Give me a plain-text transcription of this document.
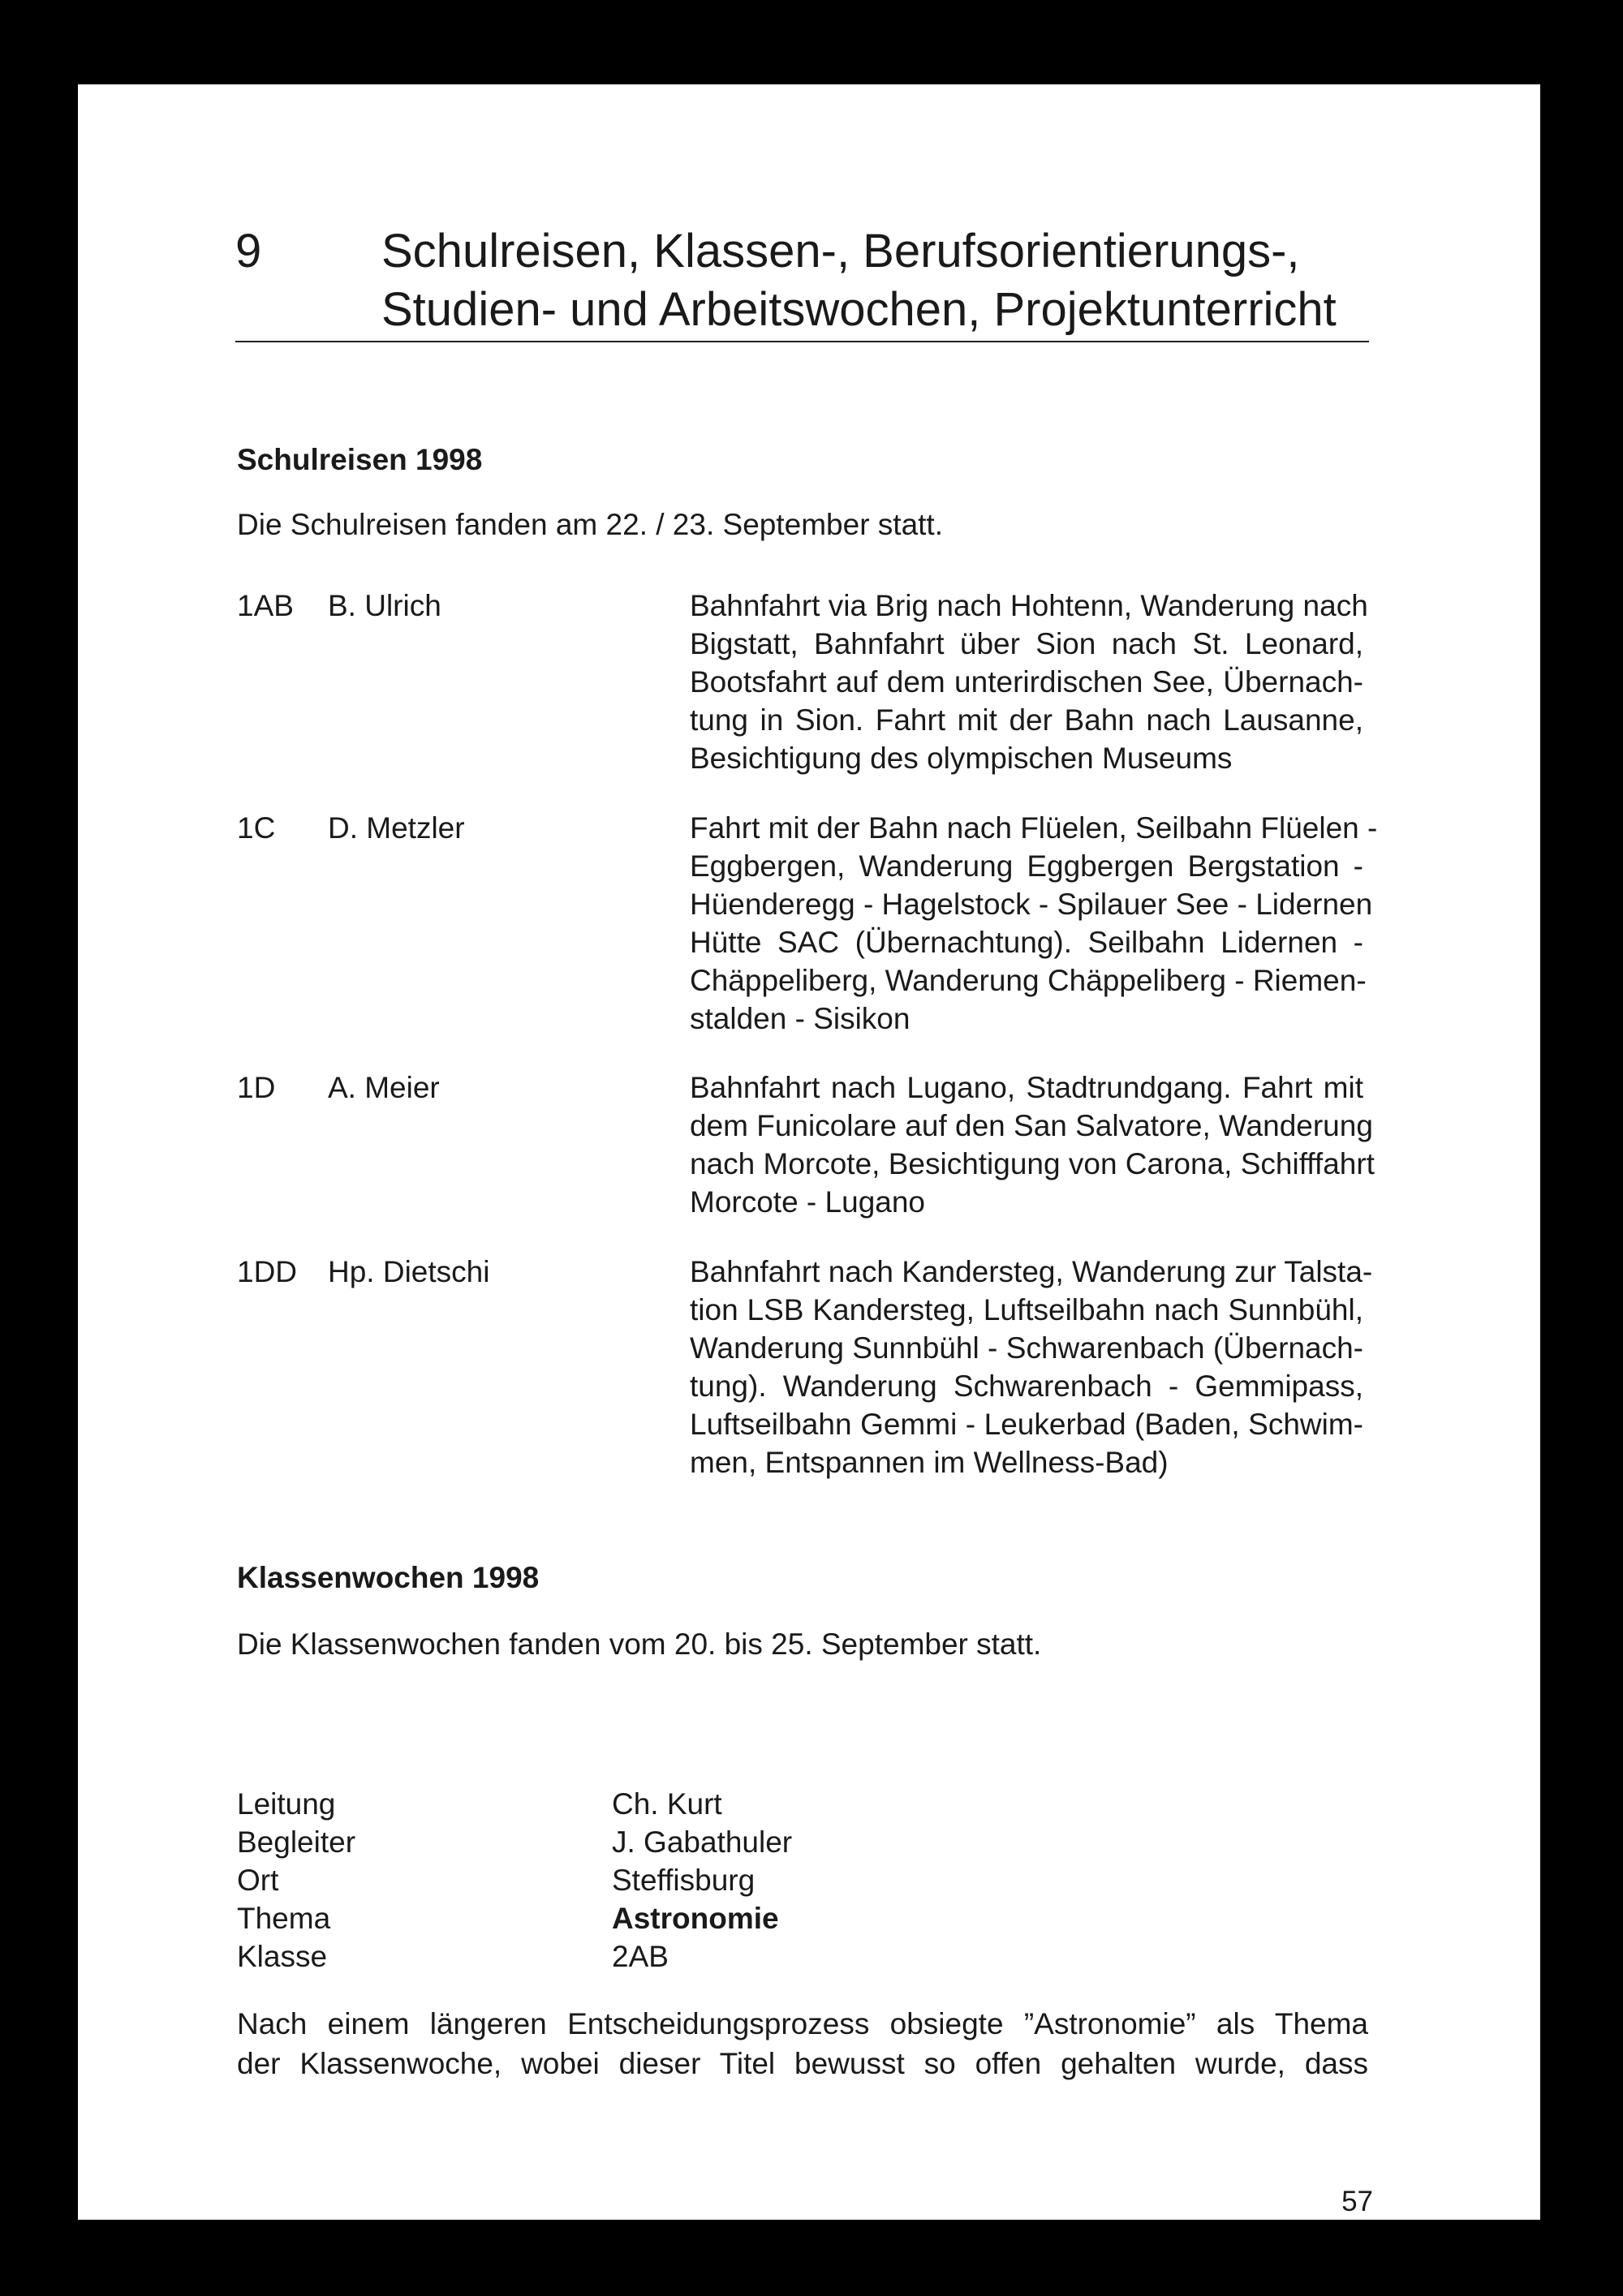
9	Schulreisen, Klassen-, Berufsorientierungs-,
Studien- und Arbeitswochen, Projektunterricht
Schulreisen 1998
Die Schulreisen fanden am 22. / 23. September statt.
1AB B. Ulrich	Bahnfahrt via Brig nach Hohtenn, Wanderung nach
Bigstatt, Bahnfahrt über Sion nach St. Leonard,
Bootsfahrt auf dem unterirdischen See, Übernach-
tung in Sion. Fahrt mit der Bahn nach Lausanne,
Besichtigung des olympischen Museums
1C D. Metzler	Fahrt mit der Bahn nach Flüelen, Seilbahn Flüelen -
Eggbergen, Wanderung Eggbergen Bergstation -
Hüenderegg - Hagelstock - Spilauer See - Lidernen
Hütte SAC (Übernachtung). Seilbahn Lidernen -
Chäppeliberg, Wanderung Chäppeliberg - Riemen-
stalden - Sisikon
1D A. Meier	Bahnfahrt nach Lugano, Stadtrundgang. Fahrt mit
dem Funicolare auf den San Salvatore, Wanderung
nach Morcote, Besichtigung von Carona, Schifffahrt
Morcote - Lugano
1DD Hp. Dietschi	Bahnfahrt nach Kandersteg, Wanderung zur Talsta-
tion LSB Kandersteg, Luftseilbahn nach Sunnbühl,
Wanderung Sunnbühl - Schwarenbach (Übernach-
tung). Wanderung Schwarenbach - Gemmipass,
Luftseilbahn Gemmi - Leukerbad (Baden, Schwim-
men, Entspannen im Wellness-Bad)
Klassenwochen 1998
Die Klassenwochen fanden vom 20. bis 25. September statt.
Leitung	Ch. Kurt
Begleiter	J. Gabathuler
Ort	Steffisburg
Thema	Astronomie
Klasse	2AB
Nach einem längeren Entscheidungsprozess obsiegte ”Astronomie” als Thema
der Klassenwoche, wobei dieser Titel bewusst so offen gehalten wurde, dass
57
